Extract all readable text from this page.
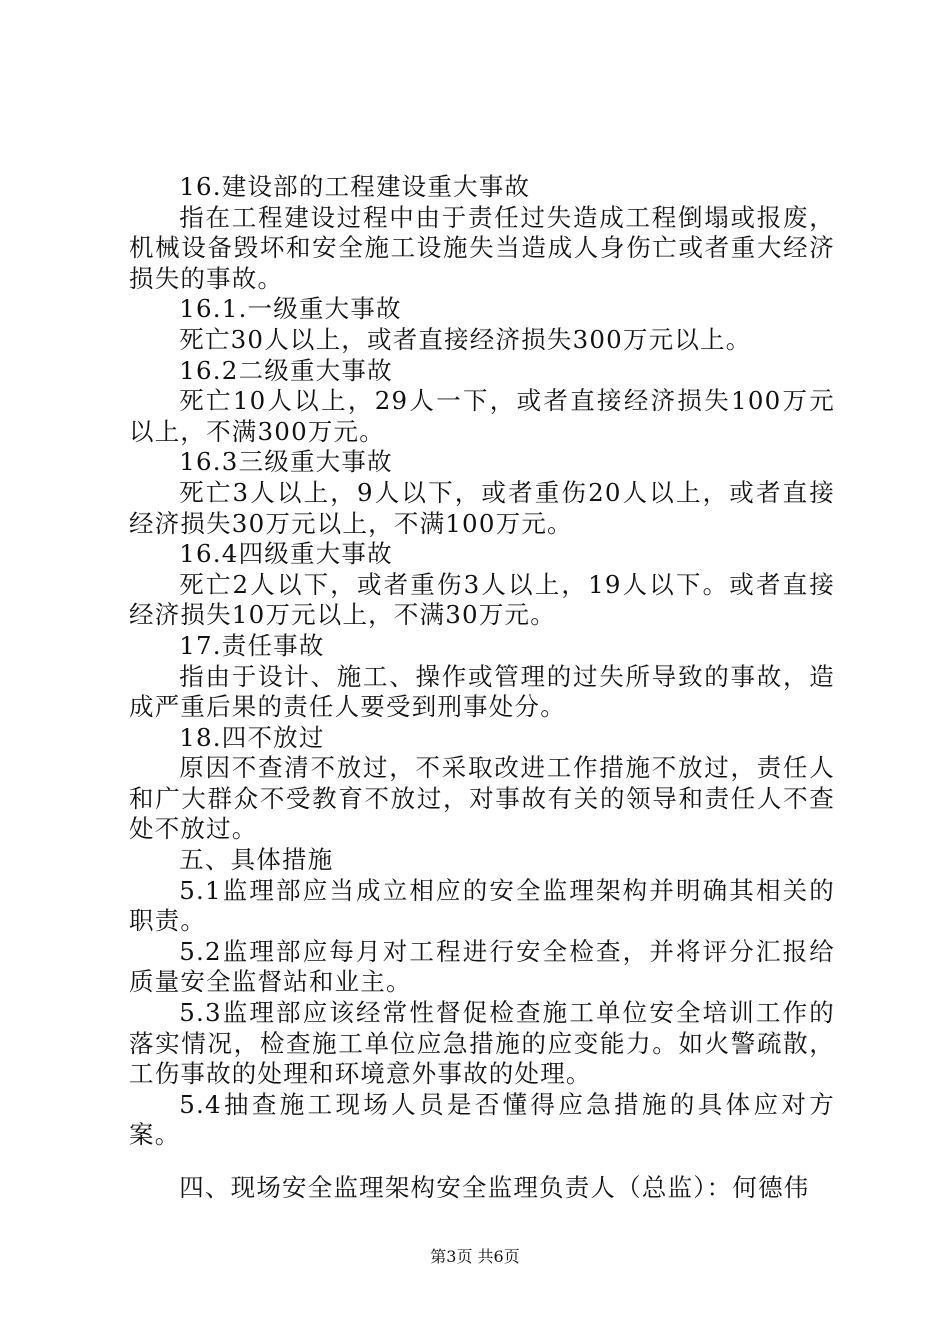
16.建设部的工程建设重大事故

指在工程建设过程中由于责任过失造成工程倒塌或报废，机械设备毁坏和安全施工设施失当造成人身伤亡或者重大经济损失的事故。

16.1.一级重大事故

死亡30人以上，或者直接经济损失300万元以上。

16.2二级重大事故

死亡10人以上，29人一下，或者直接经济损失100万元以上，不满300万元。

16.3三级重大事故

死亡3人以上，9人以下，或者重伤20人以上，或者直接经济损失30万元以上，不满100万元。

16.4四级重大事故

死亡2人以下，或者重伤3人以上，19人以下。或者直接经济损失10万元以上，不满30万元。

17.责任事故

指由于设计、施工、操作或管理的过失所导致的事故，造成严重后果的责任人要受到刑事处分。

18.四不放过

原因不查清不放过，不采取改进工作措施不放过，责任人和广大群众不受教育不放过，对事故有关的领导和责任人不查处不放过。

五、具体措施

5.1监理部应当成立相应的安全监理架构并明确其相关的职责。

5.2监理部应每月对工程进行安全检查，并将评分汇报给质量安全监督站和业主。

5.3监理部应该经常性督促检查施工单位安全培训工作的落实情况，检查施工单位应急措施的应变能力。如火警疏散，工伤事故的处理和环境意外事故的处理。

5.4抽查施工现场人员是否懂得应急措施的具体应对方案。

四、现场安全监理架构安全监理负责人（总监）：何德伟

第3页 共6页
